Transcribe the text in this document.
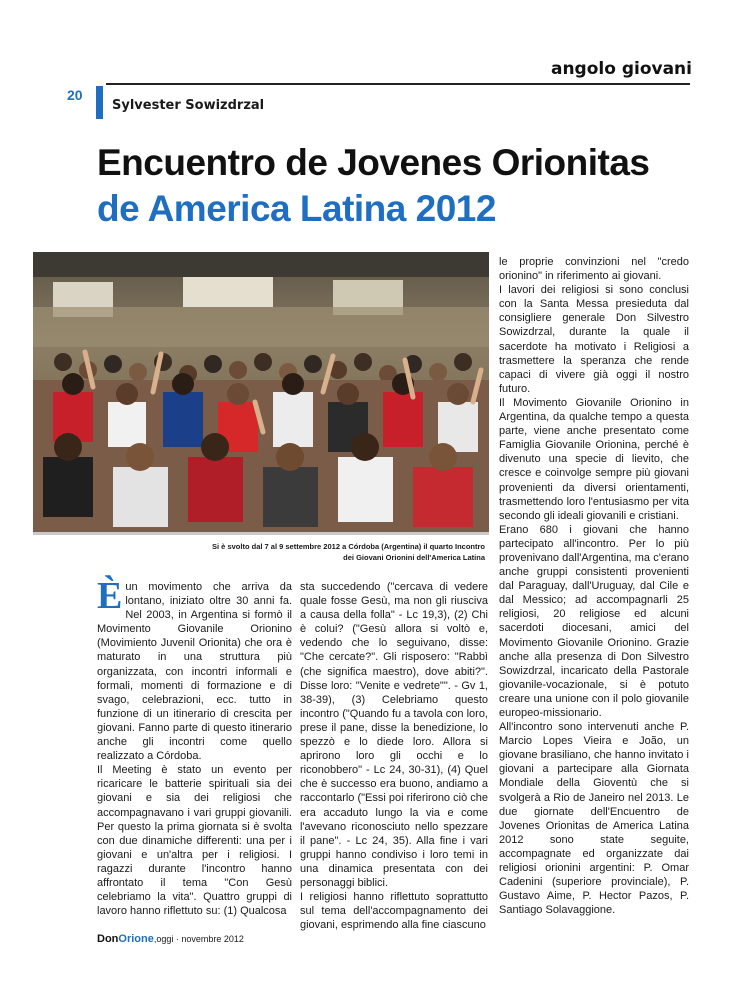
angolo giovani
20
Sylvester Sowizdrzal
Encuentro de Jovenes Orionitas
de America Latina 2012
Si è svolto dal 7 al 9 settembre 2012 a Córdoba (Argentina) il quarto Incontro
dei Giovani Orionini dell'America Latina

È un movimento che arriva da lontano, iniziato oltre 30 anni fa. Nel 2003, in Argentina si formò il Movimento Giovanile Orionino (Movimiento Juvenil Orionita) che ora è maturato in una struttura più organizzata, con incontri informali e formali, momenti di formazione e di svago, celebrazioni, ecc. tutto in funzione di un itinerario di crescita per giovani. Fanno parte di questo itinerario anche gli incontri come quello realizzato a Córdoba.

Il Meeting è stato un evento per ricaricare le batterie spirituali sia dei giovani e sia dei religiosi che accompagnavano i vari gruppi giovanili. Per questo la prima giornata si è svolta con due dinamiche differenti: una per i giovani e un'altra per i religiosi. I ragazzi durante l'incontro hanno affrontato il tema "Con Gesù celebriamo la vita". Quattro gruppi di lavoro hanno riflettuto su: (1) Qualcosa

sta succedendo ("cercava di vedere quale fosse Gesù, ma non gli riusciva a causa della folla" - Lc 19,3), (2) Chi è colui? ("Gesù allora si voltò e, vedendo che lo seguivano, disse: "Che cercate?". Gli risposero: "Rabbì (che significa maestro), dove abiti?". Disse loro: "Venite e vedrete"". - Gv 1, 38-39), (3) Celebriamo questo incontro ("Quando fu a tavola con loro, prese il pane, disse la benedizione, lo spezzò e lo diede loro. Allora si aprirono loro gli occhi e lo riconobbero" - Lc 24, 30-31), (4) Quel che è successo era buono, andiamo a raccontarlo ("Essi poi riferirono ciò che era accaduto lungo la via e come l'avevano riconosciuto nello spezzare il pane". - Lc 24, 35). Alla fine i vari gruppi hanno condiviso i loro temi in una dinamica presentata con dei personaggi biblici.

I religiosi hanno riflettuto soprattutto sul tema dell'accompagnamento dei giovani, esprimendo alla fine ciascuno

le proprie convinzioni nel "credo orionino" in riferimento ai giovani.

I lavori dei religiosi si sono conclusi con la Santa Messa presieduta dal consigliere generale Don Silvestro Sowizdrzal, durante la quale il sacerdote ha motivato i Religiosi a trasmettere la speranza che rende capaci di vivere già oggi il nostro futuro.

Il Movimento Giovanile Orionino in Argentina, da qualche tempo a questa parte, viene anche presentato come Famiglia Giovanile Orionina, perché è divenuto una specie di lievito, che cresce e coinvolge sempre più giovani provenienti da diversi orientamenti, trasmettendo loro l'entusiasmo per vita secondo gli ideali giovanili e cristiani.

Erano 680 i giovani che hanno partecipato all'incontro. Per lo più provenivano dall'Argentina, ma c'erano anche gruppi consistenti provenienti dal Paraguay, dall'Uruguay, dal Cile e dal Messico; ad accompagnarli 25 religiosi, 20 religiose ed alcuni sacerdoti diocesani, amici del Movimento Giovanile Orionino. Grazie anche alla presenza di Don Silvestro Sowizdrzal, incaricato della Pastorale giovanile-vocazionale, si è potuto creare una unione con il polo giovanile europeo-missionario.

All'incontro sono intervenuti anche P. Marcio Lopes Vieira e João, un giovane brasiliano, che hanno invitato i giovani a partecipare alla Giornata Mondiale della Gioventù che si svolgerà a Rio de Janeiro nel 2013. Le due giornate dell'Encuentro de Jovenes Orionitas de America Latina 2012 sono state seguite, accompagnate ed organizzate dai religiosi orionini argentini: P. Omar Cadenini (superiore provinciale), P. Gustavo Aime, P. Hector Pazos, P. Santiago Solavaggione.

DonOrione,oggi · novembre 2012
